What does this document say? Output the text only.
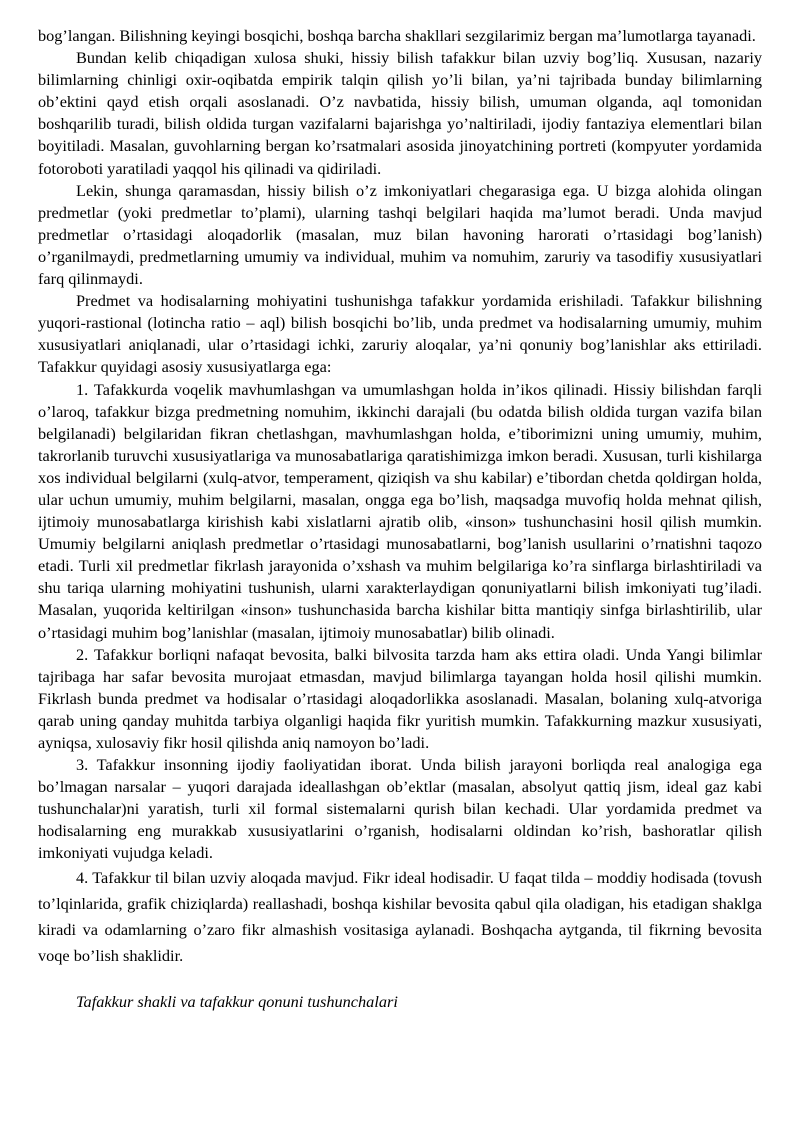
bog’langan. Bilishning keyingi bosqichi, boshqa barcha shakllari sezgilarimiz bergan ma’lumotlarga tayanadi.

Bundan kelib chiqadigan xulosa shuki, hissiy bilish tafakkur bilan uzviy bog’liq. Xususan, nazariy bilimlarning chinligi oxir-oqibatda empirik talqin qilish yo’li bilan, ya’ni tajribada bunday bilimlarning ob’ektini qayd etish orqali asoslanadi. O’z navbatida, hissiy bilish, umuman olganda, aql tomonidan boshqarilib turadi, bilish oldida turgan vazifalarni bajarishga yo’naltiriladi, ijodiy fantaziya elementlari bilan boyitiladi. Masalan, guvohlarning bergan ko’rsatmalari asosida jinoyatchining portreti (kompyuter yordamida fotoroboti yaratiladi yaqqol his qilinadi va qidiriladi.

Lekin, shunga qaramasdan, hissiy bilish o’z imkoniyatlari chegarasiga ega. U bizga alohida olingan predmetlar (yoki predmetlar to’plami), ularning tashqi belgilari haqida ma’lumot beradi. Unda mavjud predmetlar o’rtasidagi aloqadorlik (masalan, muz bilan havoning harorati o’rtasidagi bog’lanish) o’rganilmaydi, predmetlarning umumiy va individual, muhim va nomuhim, zaruriy va tasodifiy xususiyatlari farq qilinmaydi.

Predmet va hodisalarning mohiyatini tushunishga tafakkur yordamida erishiladi. Tafakkur bilishning yuqori-rastional (lotincha ratio – aql) bilish bosqichi bo’lib, unda predmet va hodisalarning umumiy, muhim xususiyatlari aniqlanadi, ular o’rtasidagi ichki, zaruriy aloqalar, ya’ni qonuniy bog’lanishlar aks ettiriladi. Tafakkur quyidagi asosiy xususiyatlarga ega:

1. Tafakkurda voqelik mavhumlashgan va umumlashgan holda in’ikos qilinadi. Hissiy bilishdan farqli o’laroq, tafakkur bizga predmetning nomuhim, ikkinchi darajali (bu odatda bilish oldida turgan vazifa bilan belgilanadi) belgilaridan fikran chetlashgan, mavhumlashgan holda, e’tiborimizni uning umumiy, muhim, takrorlanib turuvchi xususiyatlariga va munosabatlariga qaratishimizga imkon beradi. Xususan, turli kishilarga xos individual belgilarni (xulq-atvor, temperament, qiziqish va shu kabilar) e’tibordan chetda qoldirgan holda, ular uchun umumiy, muhim belgilarni, masalan, ongga ega bo’lish, maqsadga muvofiq holda mehnat qilish, ijtimoiy munosabatlarga kirishish kabi xislatlarni ajratib olib, «inson» tushunchasini hosil qilish mumkin. Umumiy belgilarni aniqlash predmetlar o’rtasidagi munosabatlarni, bog’lanish usullarini o’rnatishni taqozo etadi. Turli xil predmetlar fikrlash jarayonida o’xshash va muhim belgilariga ko’ra sinflarga birlashtiriladi va shu tariqa ularning mohiyatini tushunish, ularni xarakterlaydigan qonuniyatlarni bilish imkoniyati tug’iladi. Masalan, yuqorida keltirilgan «inson» tushunchasida barcha kishilar bitta mantiqiy sinfga birlashtirilib, ular o’rtasidagi muhim bog’lanishlar (masalan, ijtimoiy munosabatlar) bilib olinadi.

2. Tafakkur borliqni nafaqat bevosita, balki bilvosita tarzda ham aks ettira oladi. Unda Yangi bilimlar tajribaga har safar bevosita murojaat etmasdan, mavjud bilimlarga tayangan holda hosil qilishi mumkin. Fikrlash bunda predmet va hodisalar o’rtasidagi aloqadorlikka asoslanadi. Masalan, bolaning xulq-atvoriga qarab uning qanday muhitda tarbiya olganligi haqida fikr yuritish mumkin. Tafakkurning mazkur xususiyati, ayniqsa, xulosaviy fikr hosil qilishda aniq namoyon bo’ladi.

3. Tafakkur insonning ijodiy faoliyatidan iborat. Unda bilish jarayoni borliqda real analogiga ega bo’lmagan narsalar – yuqori darajada ideallashgan ob’ektlar (masalan, absolyut qattiq jism, ideal gaz kabi tushunchalar)ni yaratish, turli xil formal sistemalarni qurish bilan kechadi. Ular yordamida predmet va hodisalarning eng murakkab xususiyatlarini o’rganish, hodisalarni oldindan ko’rish, bashoratlar qilish imkoniyati vujudga keladi.

4. Tafakkur til bilan uzviy aloqada mavjud. Fikr ideal hodisadir. U faqat tilda – moddiy hodisada (tovush to’lqinlarida, grafik chiziqlarda) reallashadi, boshqa kishilar bevosita qabul qila oladigan, his etadigan shaklga kiradi va odamlarning o’zaro fikr almashish vositasiga aylanadi. Boshqacha aytganda, til fikrning bevosita voqe bo’lish shaklidir.

Tafakkur shakli va tafakkur qonuni tushunchalari
